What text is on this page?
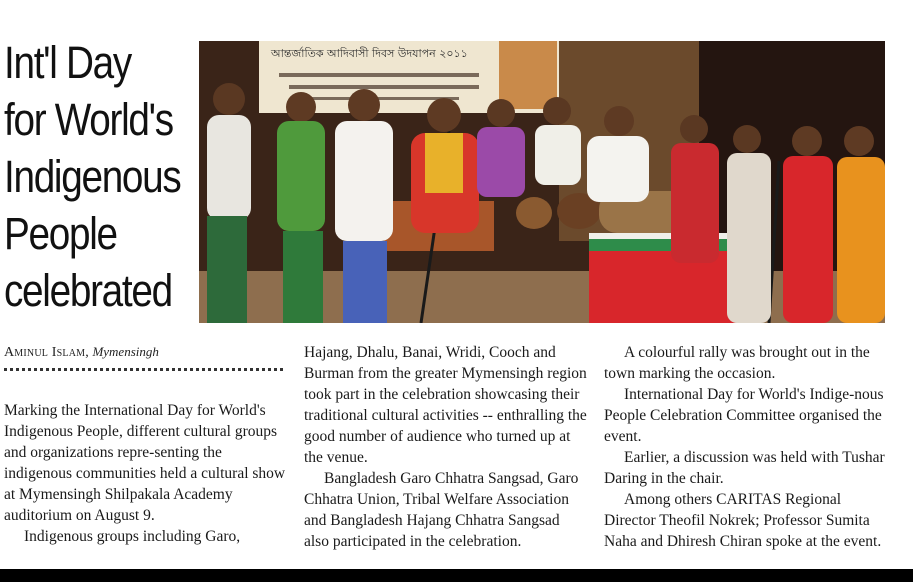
Int'l Day
for World's
Indigenous
People
celebrated
আন্তর্জাতিক আদিবাসী দিবস উদযাপন ২০১১
Aminul Islam, Mymensingh

Marking the International Day for World's Indigenous People, different cultural groups and organizations repre-senting the indigenous communities held a cultural show at Mymensingh Shilpakala Academy auditorium on August 9.

Indigenous groups including Garo,

Hajang, Dhalu, Banai, Wridi, Cooch and Burman from the greater Mymensingh region took part in the celebration showcasing their traditional cultural activities -- enthralling the good number of audience who turned up at the venue.

Bangladesh Garo Chhatra Sangsad, Garo Chhatra Union, Tribal Welfare Association and Bangladesh Hajang Chhatra Sangsad also participated in the celebration.

A colourful rally was brought out in the town marking the occasion.

International Day for World's Indige-nous People Celebration Committee organised the event.

Earlier, a discussion was held with Tushar Daring in the chair.

Among others CARITAS Regional Director Theofil Nokrek; Professor Sumita Naha and Dhiresh Chiran spoke at the event.
